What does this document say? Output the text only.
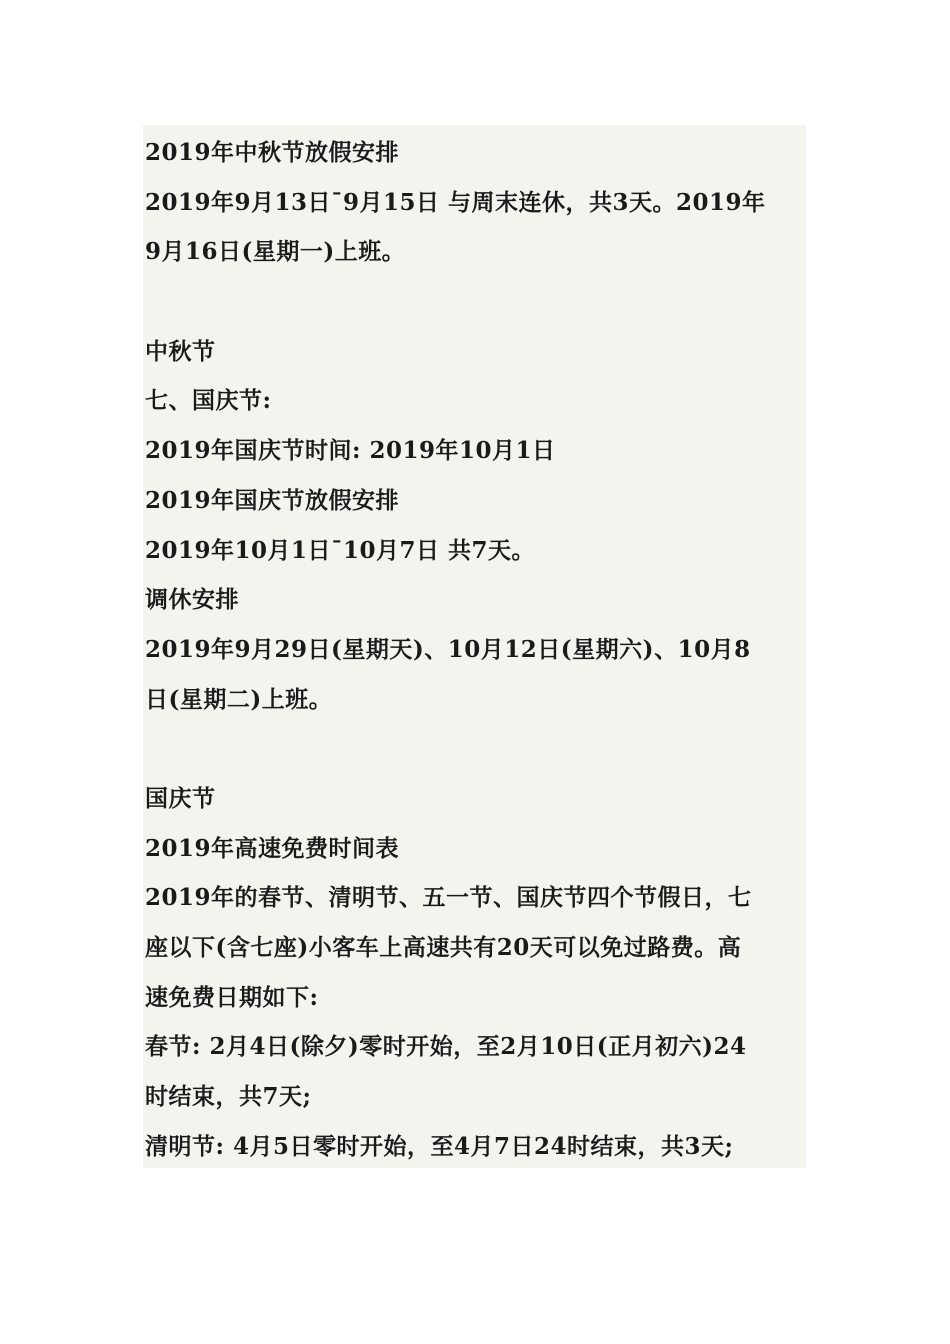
2019年中秋节放假安排
2019年9月13日¯9月15日 与周末连休，共3天。2019年
9月16日(星期一)上班。
中秋节
七、国庆节:
2019年国庆节时间: 2019年10月1日
2019年国庆节放假安排
2019年10月1日¯10月7日 共7天。
调休安排
2019年9月29日(星期天)、10月12日(星期六)、10月8
日(星期二)上班。
国庆节
2019年高速免费时间表
2019年的春节、清明节、五一节、国庆节四个节假日，七
座以下(含七座)小客车上高速共有20天可以免过路费。高
速免费日期如下:
春节: 2月4日(除夕)零时开始，至2月10日(正月初六)24
时结束，共7天;
清明节: 4月5日零时开始，至4月7日24时结束，共3天;
